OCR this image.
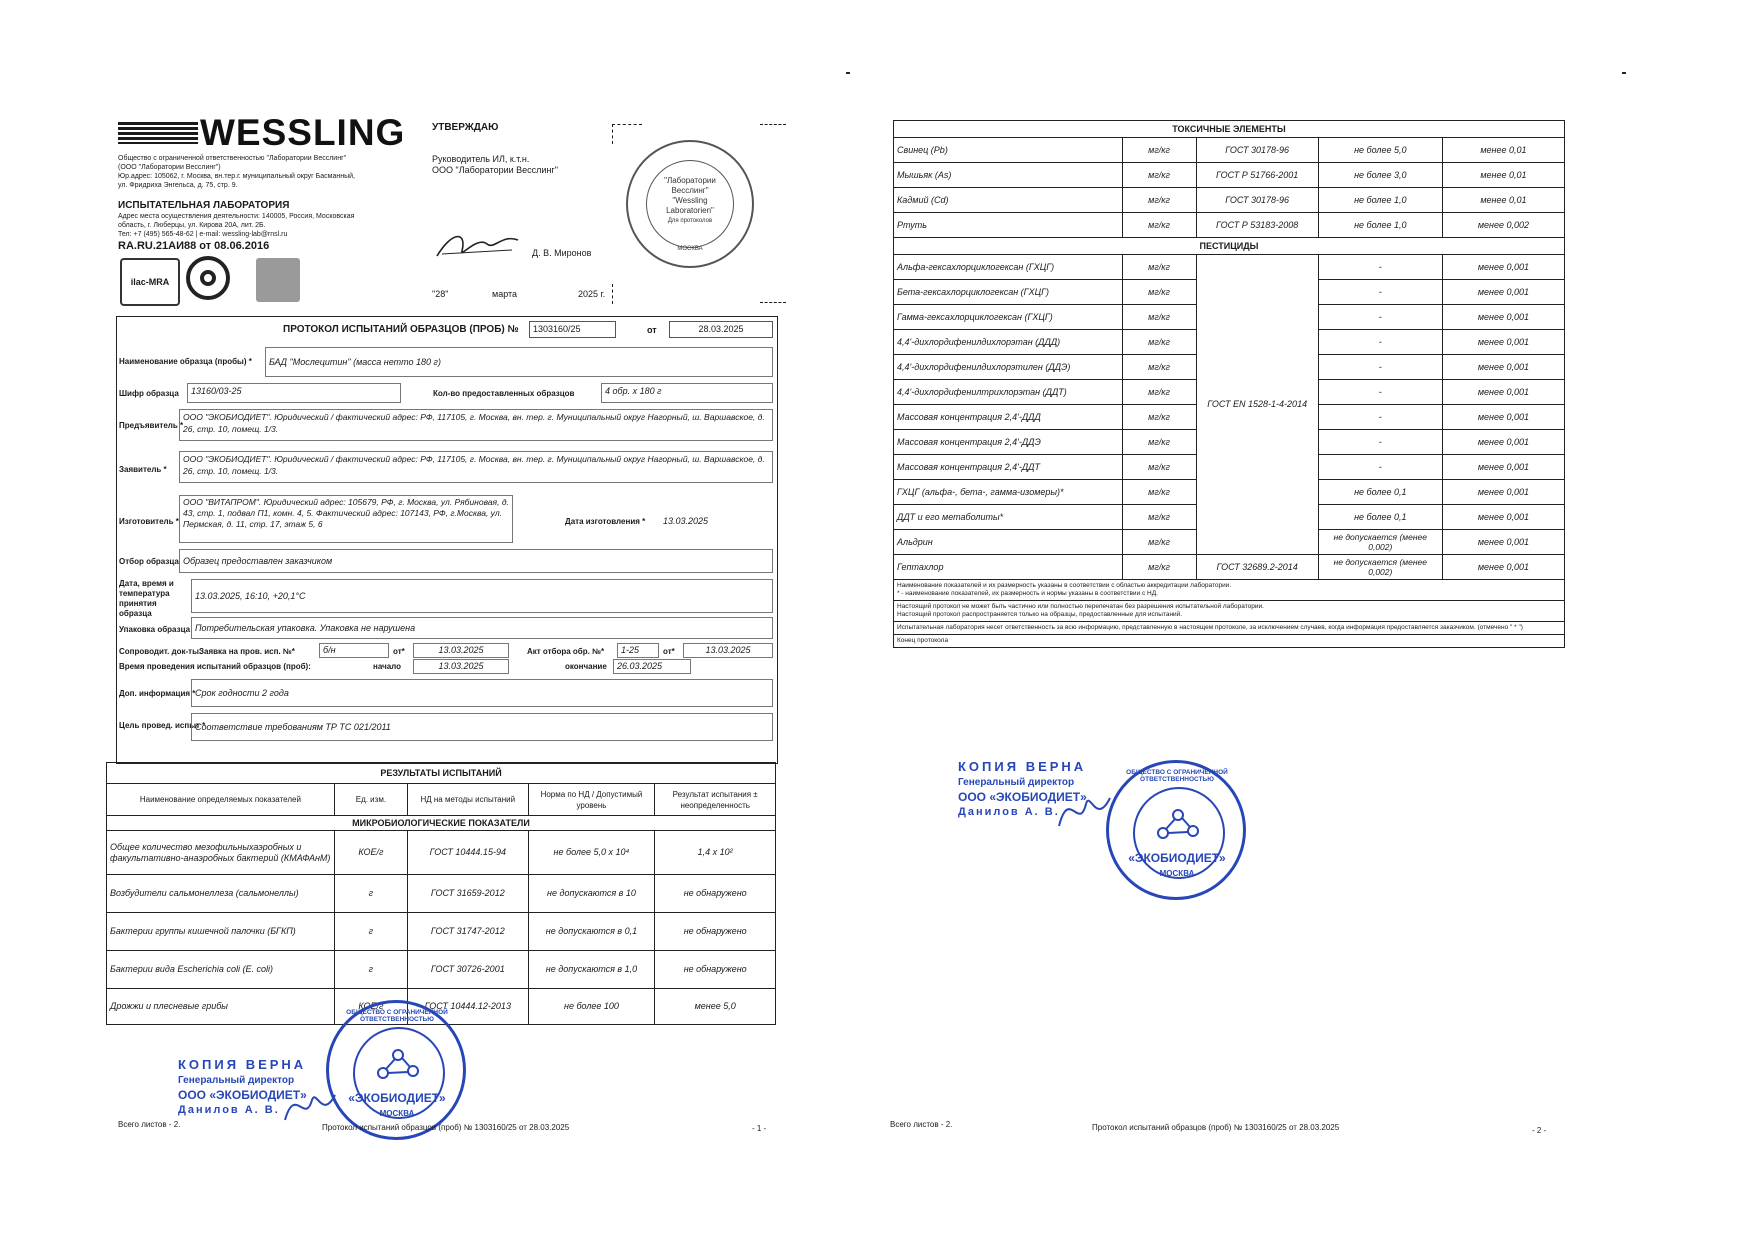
WESSLING
Общество с ограниченной ответственностью "Лаборатории Весслинг"
(ООО "Лаборатории Весслинг")
Юр.адрес: 105062, г. Москва, вн.тер.г. муниципальный округ Басманный,
ул. Фридриха Энгельса, д. 75, стр. 9.
ИСПЫТАТЕЛЬНАЯ ЛАБОРАТОРИЯ
Адрес места осуществления деятельности: 140005, Россия, Московская
область, г. Люберцы, ул. Кирова 20А, лит. 2Б.
Тел: +7 (495) 565-48-62 | e-mail: wessling-lab@rnsl.ru
RA.RU.21АИ88 от 08.06.2016
ilac-MRA
УТВЕРЖДАЮ
Руководитель ИЛ, к.т.н.
ООО "Лаборатории Весслинг"
Д. В. Миронов
"28"	марта	2025 г.
"Лаборатории
Весслинг"
"Wessling
Laboratorien"
Для протоколов
МОСКВА
ПРОТОКОЛ ИСПЫТАНИЙ ОБРАЗЦОВ (ПРОБ) №	1303160/25	от	28.03.2025
Наименование образца (пробы) *	БАД "Мослецитин" (масса нетто 180 г)
Шифр образца	13160/03-25	Кол-во предоставленных образцов	4 обр. х 180 г
Предъявитель *
ООО "ЭКОБИОДИЕТ". Юридический / фактический адрес: РФ, 117105, г. Москва, вн. тер. г. Муниципальный округ Нагорный, ш. Варшавское, д. 26, стр. 10, помещ. 1/3.
Заявитель *
ООО "ЭКОБИОДИЕТ". Юридический / фактический адрес: РФ, 117105, г. Москва, вн. тер. г. Муниципальный округ Нагорный, ш. Варшавское, д. 26, стр. 10, помещ. 1/3.
Изготовитель *
ООО "ВИТАПРОМ". Юридический адрес: 105679, РФ, г. Москва, ул. Рябиновая, д. 43, стр. 1, подвал П1, комн. 4, 5. Фактический адрес: 107143, РФ, г.Москва, ул. Пермская, д. 11, стр. 17, этаж 5, 6	Дата изготовления * 13.03.2025
Отбор образца Образец предоставлен заказчиком
Дата, время и температура принятия образца
13.03.2025, 16:10, +20,1°С
Упаковка образца Потребительская упаковка. Упаковка не нарушена
Сопроводит. док-ты:
Заявка на пров. исп. №*	б/н	от*	13.03.2025	Акт отбора обр. №*	1-25	от*	13.03.2025
Время проведения испытаний образцов (проб):	начало	13.03.2025	окончание	26.03.2025
Доп. информация * Срок годности 2 года
Цель провед. испыт *
Соответствие требованиям ТР ТС 021/2011
РЕЗУЛЬТАТЫ ИСПЫТАНИЙ				
Наименование определяемых показателей	Ед. изм.	НД на методы испытаний	Норма по НД / Допустимый уровень	Результат испытания ± неопределенность
МИКРОБИОЛОГИЧЕСКИЕ ПОКАЗАТЕЛИ				
Общее количество мезофильныхаэробных и факультативно-анаэробных бактерий (КМАФАнМ)	КОЕ/г	ГОСТ 10444.15-94	не более 5,0 х 10⁴	1,4 х 10²
Возбудители сальмонеллеза (сальмонеллы)	г	ГОСТ 31659-2012	не допускаются в 10	не обнаружено
Бактерии группы кишечной палочки (БГКП)	г	ГОСТ 31747-2012	не допускаются в 0,1	не обнаружено
Бактерии вида Escherichia coli (E. coli)	г	ГОСТ 30726-2001	не допускаются в 1,0	не обнаружено
Дрожжи и плесневые грибы	КОЕ/г	ГОСТ 10444.12-2013	не более 100	менее 5,0
КОПИЯ ВЕРНА
Генеральный директор
ООО «ЭКОБИОДИЕТ»
Данилов А. В.
ОБЩЕСТВО С ОГРАНИЧЕННОЙ ОТВЕТСТВЕННОСТЬЮ
«ЭКОБИОДИЕТ»
МОСКВА
Всего листов - 2.	Протокол испытаний образцов (проб) № 1303160/25 от 28.03.2025	- 1 -
ТОКСИЧНЫЕ ЭЛЕМЕНТЫ				
Свинец (Pb)	мг/кг	ГОСТ 30178-96	не более 5,0	менее 0,01
Мышьяк (As)	мг/кг	ГОСТ Р 51766-2001	не более 3,0	менее 0,01
Кадмий (Cd)	мг/кг	ГОСТ 30178-96	не более 1,0	менее 0,01
Ртуть	мг/кг	ГОСТ Р 53183-2008	не более 1,0	менее 0,002
ПЕСТИЦИДЫ				
Альфа-гексахлорциклогексан (ГХЦГ)	мг/кг	ГОСТ EN 1528-1-4-2014	-	менее 0,001
Бета-гексахлорциклогексан (ГХЦГ)	мг/кг		-	менее 0,001
Гамма-гексахлорциклогексан (ГХЦГ)	мг/кг		-	менее 0,001
4,4'-дихлордифенилдихлорэтан (ДДД)	мг/кг		-	менее 0,001
4,4'-дихлордифенилдихлорэтилен (ДДЭ)	мг/кг		-	менее 0,001
4,4'-дихлордифенилтрихлорэтан (ДДТ)	мг/кг		-	менее 0,001
Массовая концентрация 2,4'-ДДД	мг/кг		-	менее 0,001
Массовая концентрация 2,4'-ДДЭ	мг/кг		-	менее 0,001
Массовая концентрация 2,4'-ДДТ	мг/кг		-	менее 0,001
ГХЦГ (альфа-, бета-, гамма-изомеры)*	мг/кг		не более 0,1	менее 0,001
ДДТ и его метаболиты*	мг/кг		не более 0,1	менее 0,001
Альдрин	мг/кг		не допускается (менее 0,002)	менее 0,001
Гептахлор	мг/кг	ГОСТ 32689.2-2014	не допускается (менее 0,002)	менее 0,001

Наименование показателей и их размерность указаны в соответствии с областью аккредитации лаборатории.
* - наименование показателей, их размерность и нормы указаны в соответствии с НД.				

Настоящий протокол не может быть частично или полностью перепечатан без разрешения испытательной лаборатории.
Настоящий протокол распространяется только на образцы, предоставленные для испытаний.				

Испытательная лаборатория несет ответственность за всю информацию, представленную в настоящем протоколе, за исключением случаев, когда информация предоставляется заказчиком. (отмечено " * ")				
Конец протокола				
КОПИЯ ВЕРНА
Генеральный директор
ООО «ЭКОБИОДИЕТ»
Данилов А. В.
ОБЩЕСТВО С ОГРАНИЧЕННОЙ ОТВЕТСТВЕННОСТЬЮ
«ЭКОБИОДИЕТ»
МОСКВА
Всего листов - 2.	Протокол испытаний образцов (проб) № 1303160/25 от 28.03.2025	- 2 -
